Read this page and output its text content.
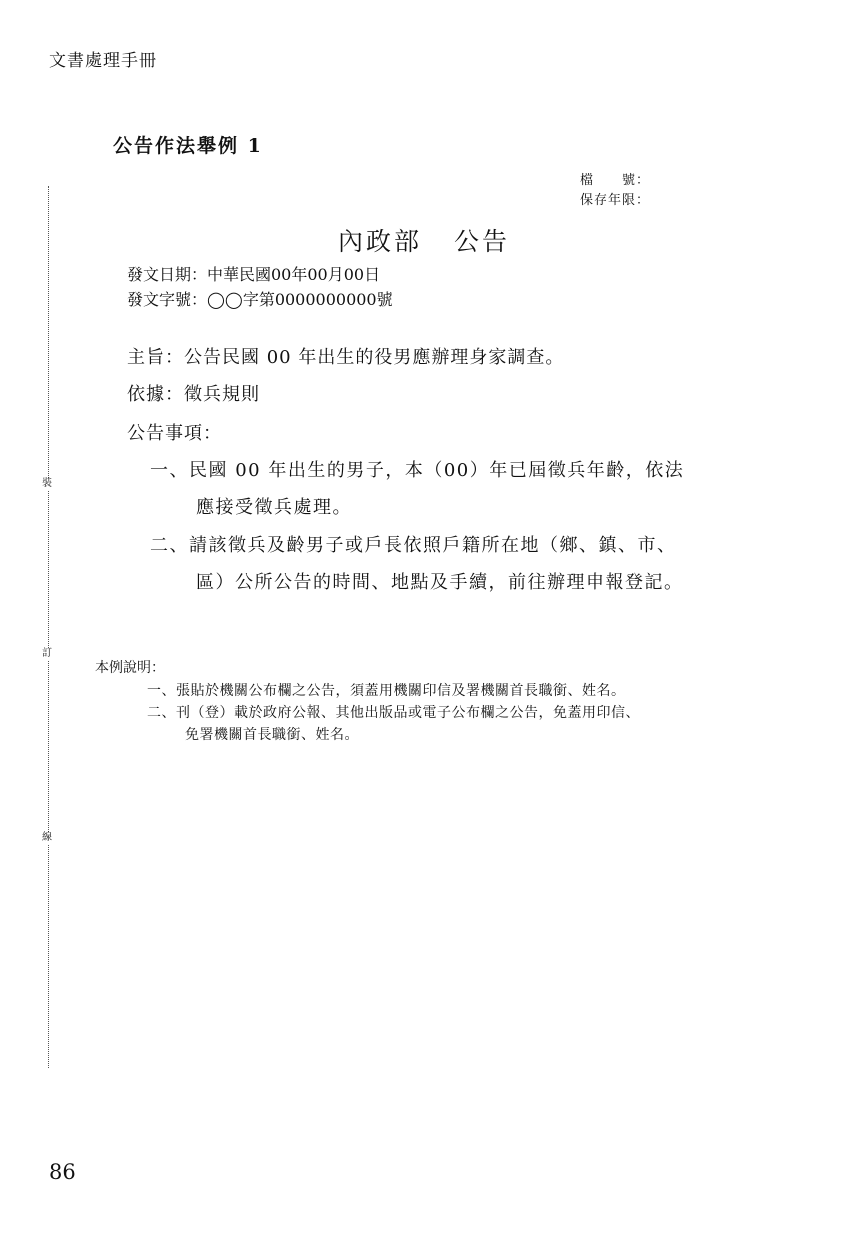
文書處理手冊
公告作法舉例 1
檔　　號：
保存年限：
內政部 公告
發文日期：中華民國00年00月00日
發文字號：◯◯字第0000000000號
主旨：公告民國 00 年出生的役男應辦理身家調查。
依據：徵兵規則
公告事項：
一、民國 00 年出生的男子，本（00）年已屆徵兵年齡，依法
應接受徵兵處理。
二、請該徵兵及齡男子或戶長依照戶籍所在地（鄉、鎮、市、
區）公所公告的時間、地點及手續，前往辦理申報登記。
本例說明：
一、張貼於機關公布欄之公告，須蓋用機關印信及署機關首長職銜、姓名。
二、刊（登）載於政府公報、其他出版品或電子公布欄之公告，免蓋用印信、
免署機關首長職銜、姓名。
裝
訂
線
86
